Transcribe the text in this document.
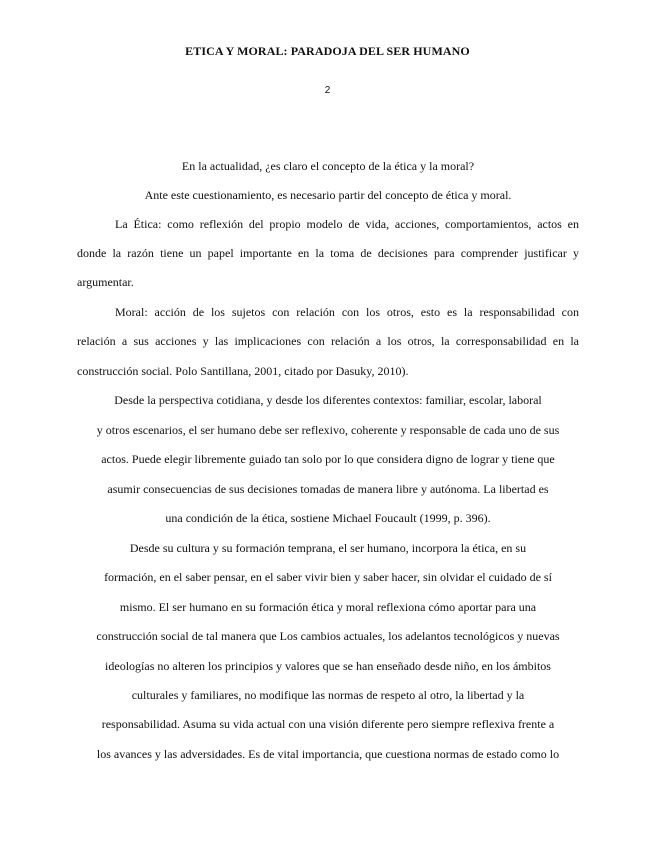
ETICA Y MORAL: PARADOJA DEL SER HUMANO
2
En la actualidad, ¿es claro el concepto de la ética y la moral?
Ante este cuestionamiento, es necesario partir del concepto de ética y moral.
La Ética: como reflexión del propio modelo de vida, acciones, comportamientos, actos en
donde la razón tiene un papel importante en la toma de decisiones para comprender justificar y
argumentar.
Moral: acción de los sujetos con relación con los otros, esto es la responsabilidad con
relación a sus acciones y las implicaciones con relación a los otros, la corresponsabilidad en la
construcción social. Polo Santillana, 2001, citado por Dasuky, 2010).
Desde la perspectiva cotidiana, y desde los diferentes contextos: familiar, escolar, laboral
y otros escenarios, el ser humano debe ser reflexivo, coherente y responsable de cada uno de sus
actos. Puede elegir libremente guiado tan solo por lo que considera digno de lograr y tiene que
asumir consecuencias de sus decisiones tomadas de manera libre y autónoma. La libertad es
una condición de la ética, sostiene Michael Foucault (1999, p. 396).
Desde su cultura y su formación temprana, el ser humano, incorpora la ética, en su
formación, en el saber pensar, en el saber vivir bien y saber hacer, sin olvidar el cuidado de sí
mismo. El ser humano en su formación ética y moral reflexiona cómo aportar para una
construcción social de tal manera que Los cambios actuales, los adelantos tecnológicos y nuevas
ideologías no alteren los principios y valores que se han enseñado desde niño, en los ámbitos
culturales y familiares, no modifique las normas de respeto al otro, la libertad y la
responsabilidad. Asuma su vida actual con una visión diferente pero siempre reflexiva frente a
los avances y las adversidades. Es de vital importancia, que cuestiona normas de estado como lo
